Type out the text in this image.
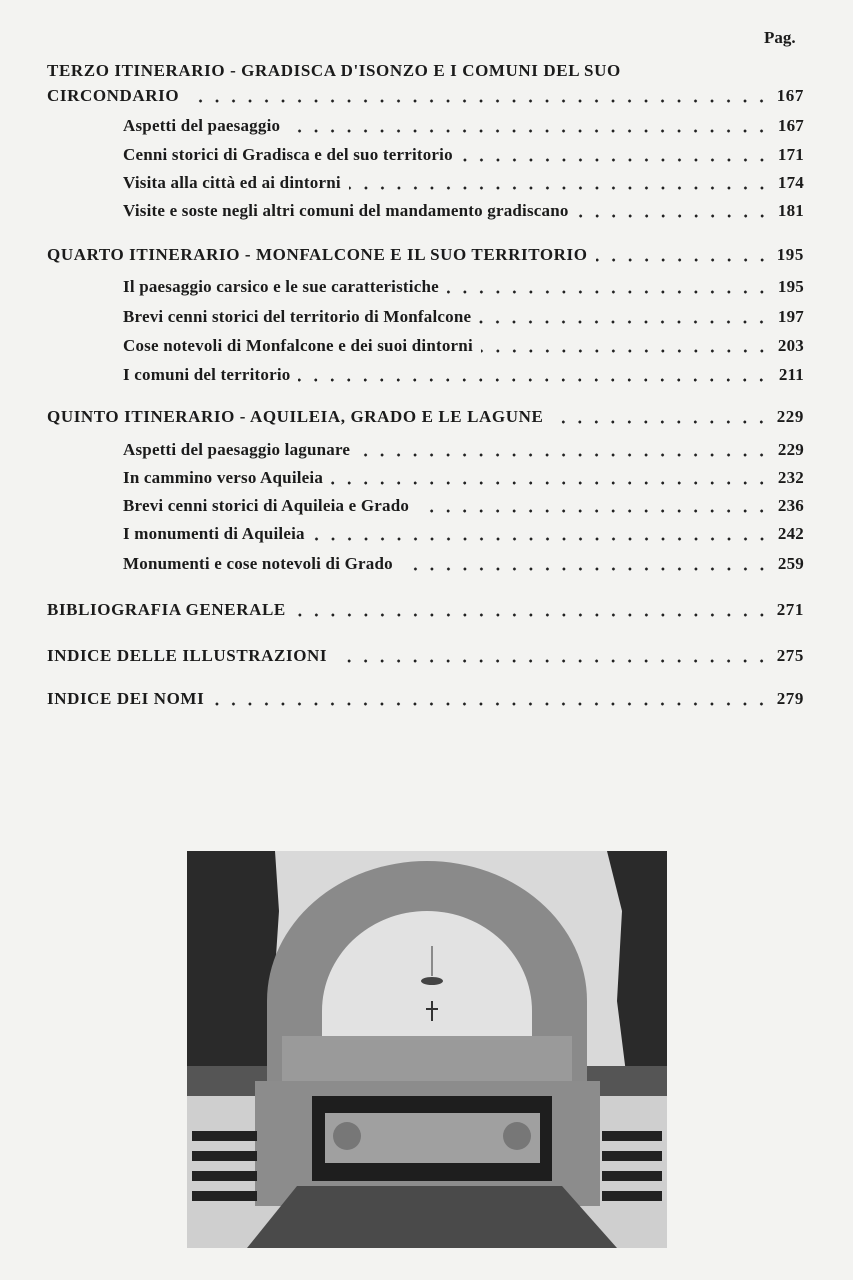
Pag.
TERZO ITINERARIO - GRADISCA D'ISONZO E I COMUNI DEL SUO
CIRCONDARIO	167
Aspetti del paesaggio	167
Cenni storici di Gradisca e del suo territorio	171
Visita alla città ed ai dintorni	174
Visite e soste negli altri comuni del mandamento gradiscano	181
QUARTO ITINERARIO - MONFALCONE E IL SUO TERRITORIO	195
Il paesaggio carsico e le sue caratteristiche	195
Brevi cenni storici del territorio di Monfalcone	197
Cose notevoli di Monfalcone e dei suoi dintorni	203
I comuni del territorio	211
QUINTO ITINERARIO - AQUILEIA, GRADO E LE LAGUNE	229
Aspetti del paesaggio lagunare	229
In cammino verso Aquileia	232
Brevi cenni storici di Aquileia e Grado	236
I monumenti di Aquileia	242
Monumenti e cose notevoli di Grado	259
BIBLIOGRAFIA GENERALE	271
INDICE DELLE ILLUSTRAZIONI	275
INDICE DEI NOMI	279
